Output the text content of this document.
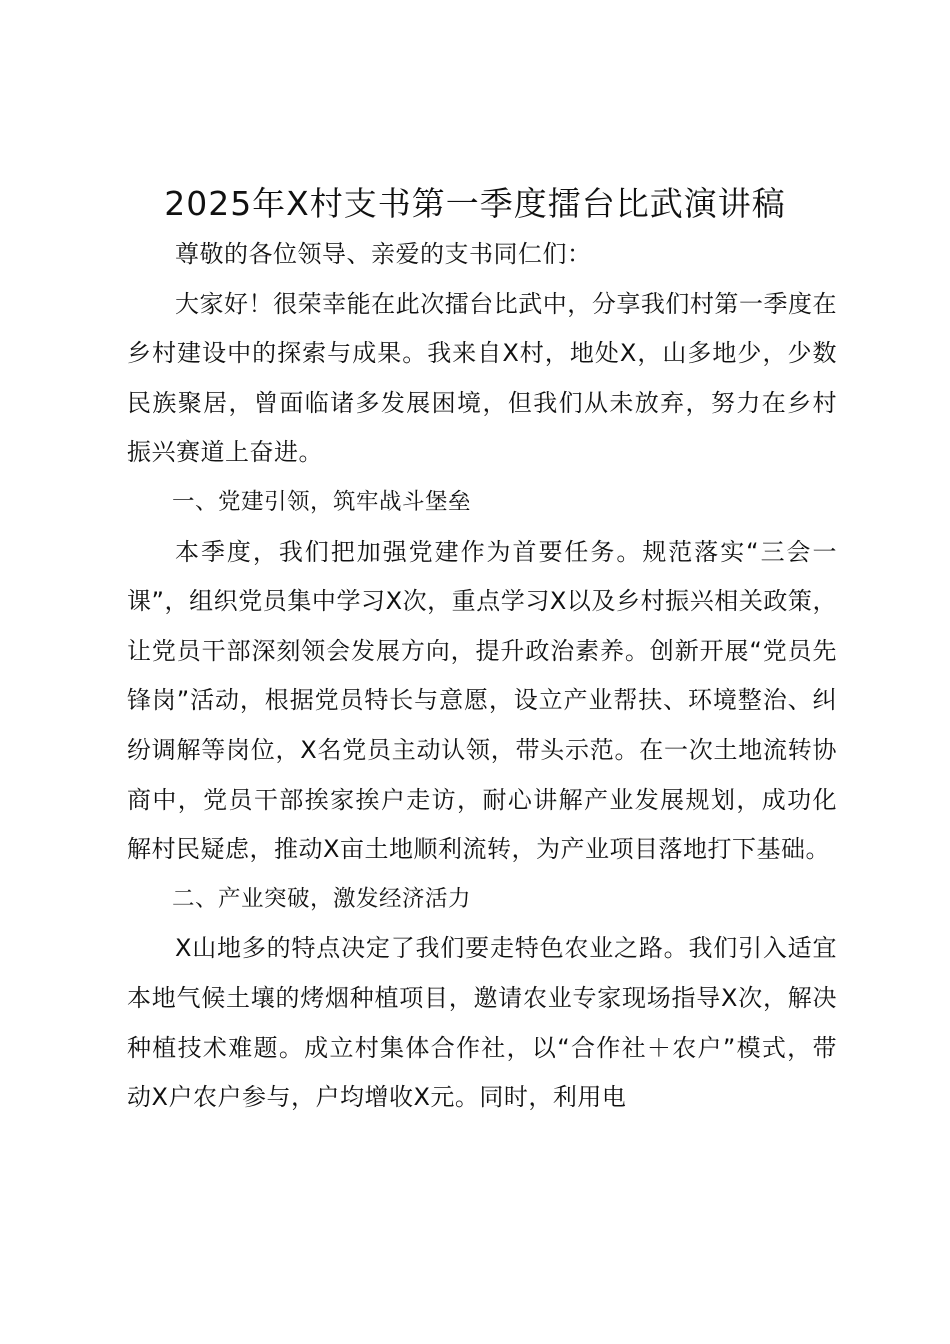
2025年X村支书第一季度擂台比武演讲稿

尊敬的各位领导、亲爱的支书同仁们：

大家好！很荣幸能在此次擂台比武中，分享我们村第一季度在乡村建设中的探索与成果。我来自X村，地处X，山多地少，少数民族聚居，曾面临诸多发展困境，但我们从未放弃，努力在乡村振兴赛道上奋进。

一、党建引领，筑牢战斗堡垒

本季度，我们把加强党建作为首要任务。规范落实“三会一课”，组织党员集中学习X次，重点学习X以及乡村振兴相关政策，让党员干部深刻领会发展方向，提升政治素养。创新开展“党员先锋岗”活动，根据党员特长与意愿，设立产业帮扶、环境整治、纠纷调解等岗位，X名党员主动认领，带头示范。在一次土地流转协商中，党员干部挨家挨户走访，耐心讲解产业发展规划，成功化解村民疑虑，推动X亩土地顺利流转，为产业项目落地打下基础。

二、产业突破，激发经济活力

X山地多的特点决定了我们要走特色农业之路。我们引入适宜本地气候土壤的烤烟种植项目，邀请农业专家现场指导X次，解决种植技术难题。成立村集体合作社，以“合作社＋农户”模式，带动X户农户参与，户均增收X元。同时，利用电
